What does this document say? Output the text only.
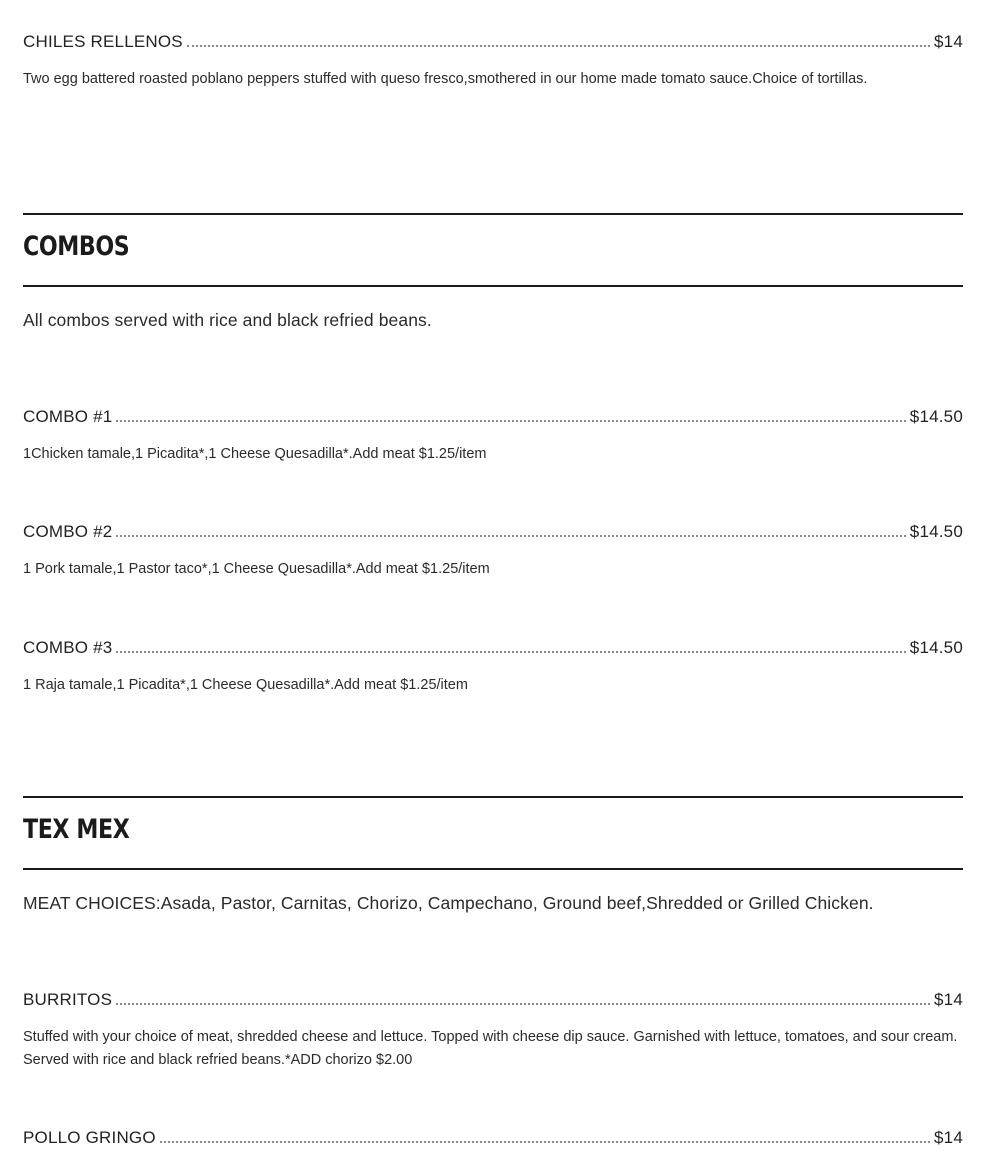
CHILES RELLENOS	$14
Two egg battered roasted poblano peppers stuffed with queso fresco,smothered in our home made tomato sauce.Choice of tortillas.
COMBOS
All combos served with rice and black refried beans.
COMBO #1	$14.50
1Chicken tamale,1 Picadita*,1 Cheese Quesadilla*.Add meat $1.25/item
COMBO #2	$14.50
1 Pork tamale,1 Pastor taco*,1 Cheese Quesadilla*.Add meat $1.25/item
COMBO #3	$14.50
1 Raja tamale,1 Picadita*,1 Cheese Quesadilla*.Add meat $1.25/item
TEX MEX
MEAT CHOICES:Asada, Pastor, Carnitas, Chorizo, Campechano, Ground beef,Shredded or Grilled Chicken.
BURRITOS	$14
Stuffed with your choice of meat, shredded cheese and lettuce. Topped with cheese dip sauce. Garnished with lettuce, tomatoes, and sour cream. Served with rice and black refried beans.*ADD chorizo $2.00
POLLO GRINGO	$14
